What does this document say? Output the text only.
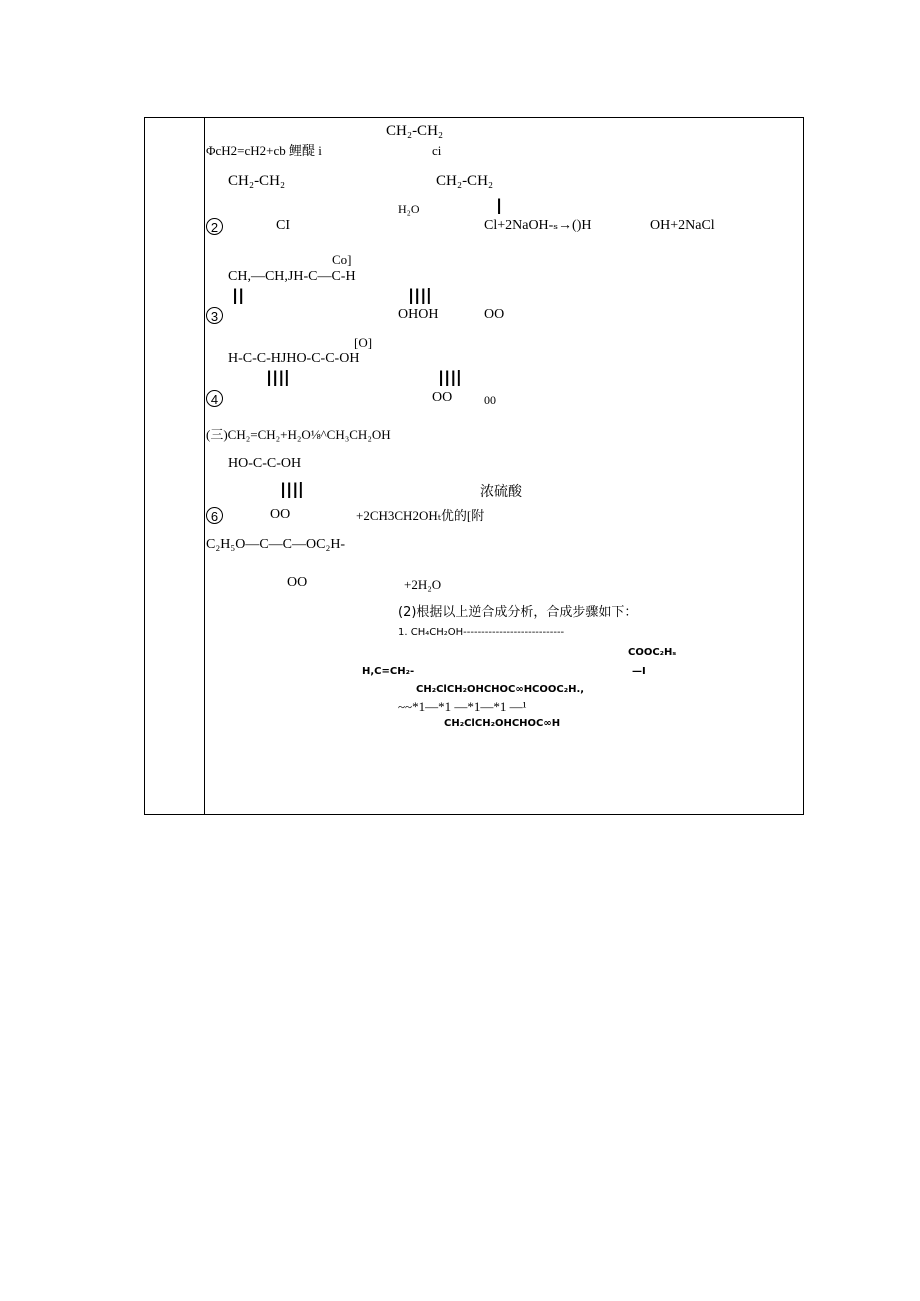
CH₂-CH₂
ΦcH2=cH2+cb 鲤醍 i	ci
CH₂-CH₂	CH₂-CH₂
H₂O	I
2	CI	Cl+2NaOH-ₛ→()H	OH+2NaCl
Co]
CH,—CH,JH-C—C-H
II	IIIl
3	OHOH	OO
[O]
H-C-C-HJHO-C-C-OH
IIIl	IIIl
4	OO	00
(三)CH₂=CH₂+H₂O⅛^CH₃CH₂OH
HO-C-C-OH
IIIl	浓硫酸
6	OO	+2CH3CH2OHₜ优的[附
C₂H₅O—C—C—OC₂H-
OO	+2H₂O
(2)根据以上逆合成分析，合成步骤如下：
1. CH₄CH₂OH----------------------------
COOC₂Hₛ
H,C=CH₂-	—I
CH₂ClCH₂OHCHOC∞HCOOC₂H.,
~~*1—*1 —*1—*1 —¹
CH₂ClCH₂OHCHOC∞H
